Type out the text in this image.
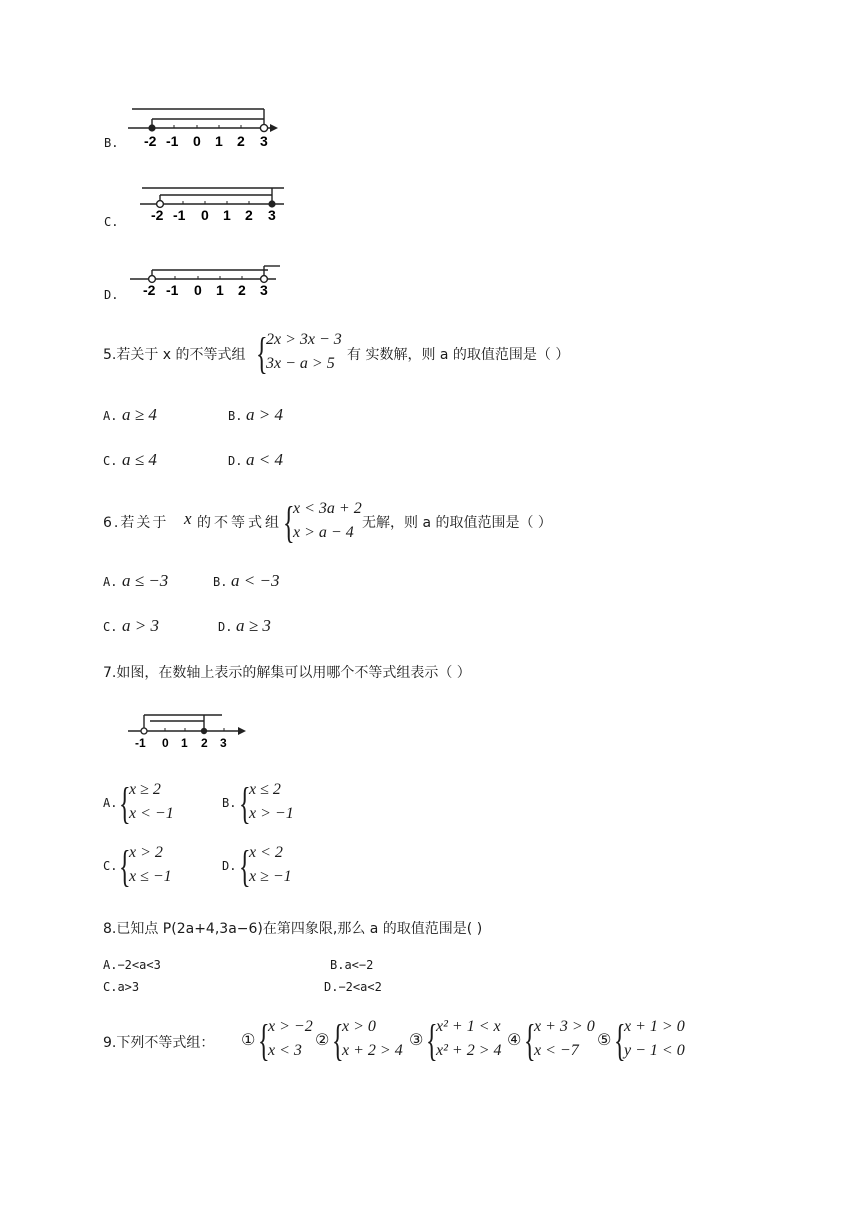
B. -2 -1 0 1 2 3
C. -2 -1 0 1 2 3
D. -2 -1 0 1 2 3
5.若关于 x 的不等式组 {
2x > 3x − 3
3x − a > 5 有 实数解，则 a 的取值范围是（ ）
A. a ≥ 4	B. a > 4
C. a ≤ 4	D. a < 4
6.若关于 x 的不等式组 {
x < 3a + 2
x > a − 4
无解，则 a 的取值范围是（ ）
A. a ≤ −3	B. a < −3
C. a > 3	D. a ≥ 3
7.如图，在数轴上表示的解集可以用哪个不等式组表示（ ）
-1 0 1 2 3
A. {
x ≥ 2
x < −1
B. {
x ≤ 2
x > −1
C. {
x > 2
x ≤ −1
D. {
x < 2
x ≥ −1
8.已知点 P(2a+4,3a−6)在第四象限,那么 a 的取值范围是( )
A.−2<a<3	B.a<−2
C.a>3	D.−2<a<2
9.下列不等式组： ① {
x > −2
x < 3
② {
x > 0
x + 2 > 4
③ {
x² + 1 < x
x² + 2 > 4
④ {
x + 3 > 0
x < −7
⑤ {
x + 1 > 0
y − 1 < 0
